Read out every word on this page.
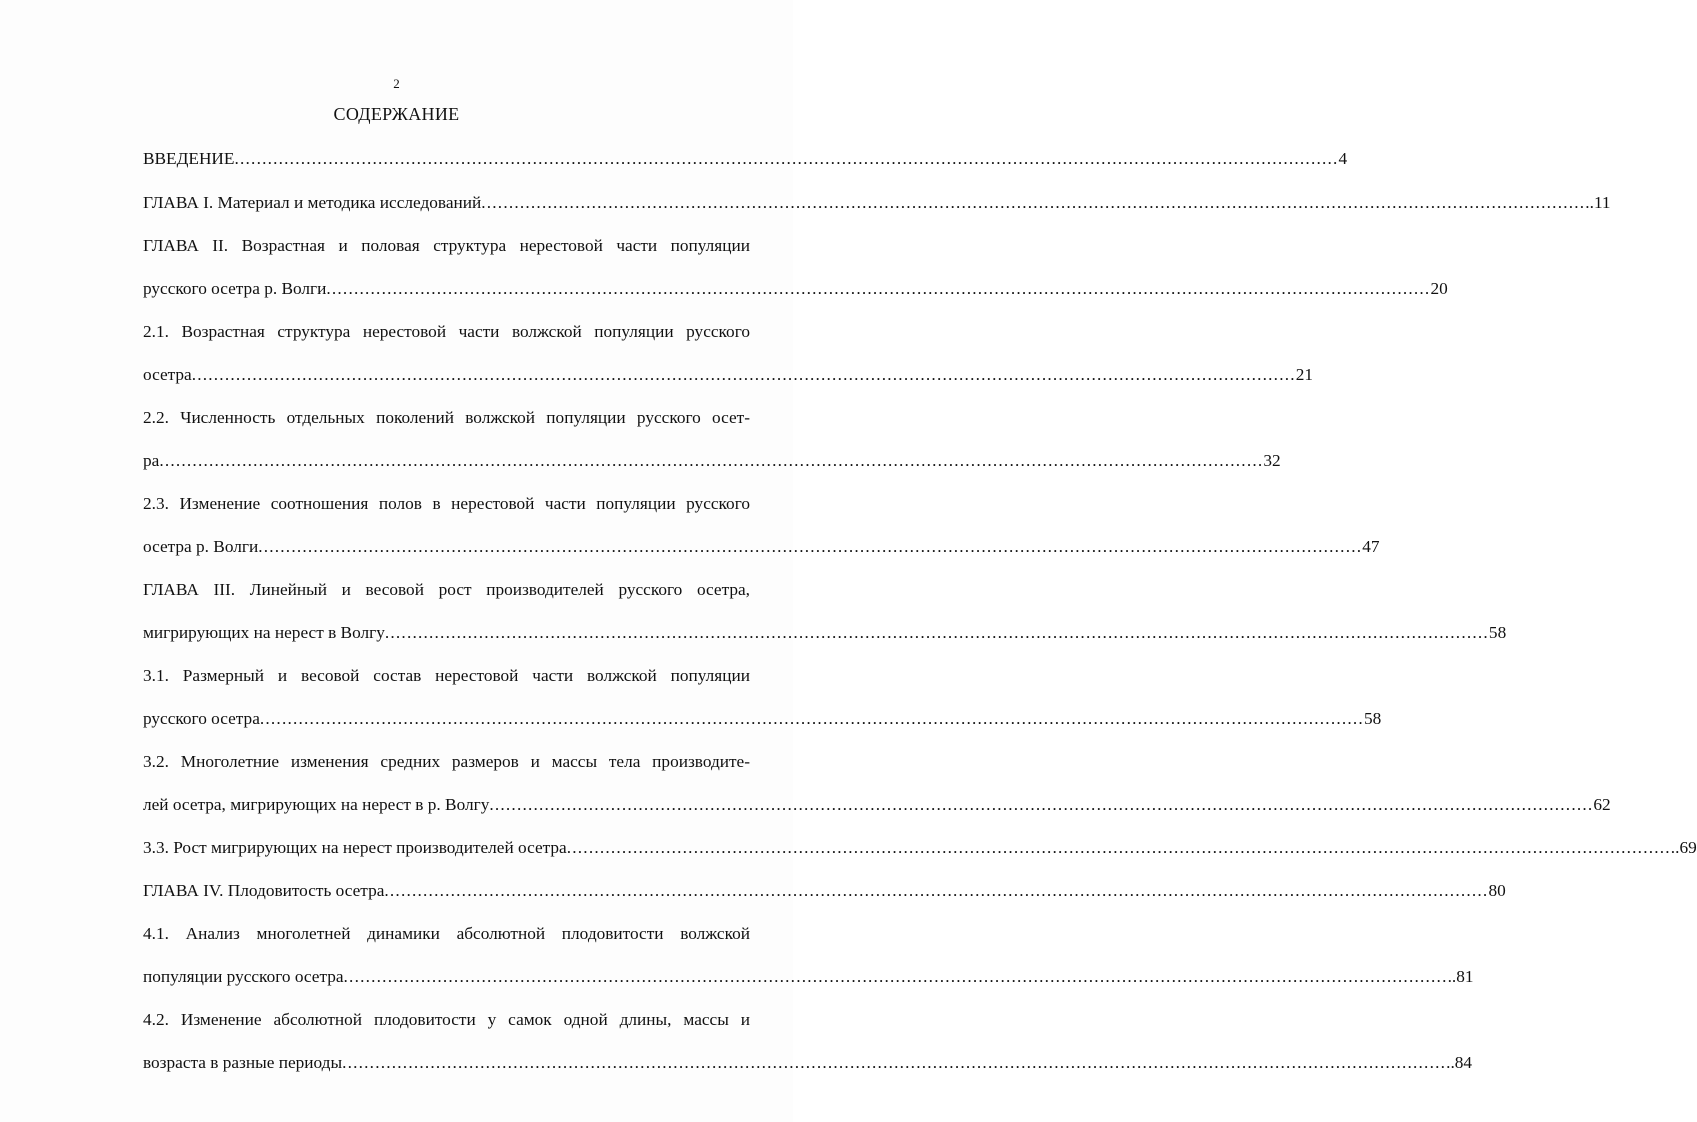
2
СОДЕРЖАНИЕ
ВВЕДЕНИЕ ........................................................................................................................................................................................................ 4
ГЛАВА I. Материал и методика исследований ........................................................................................................................................................................................................ ..11
ГЛАВА II. Возрастная и половая структура нерестовой части популяции
русского осетра р. Волги ........................................................................................................................................................................................................ 20
2.1. Возрастная структура нерестовой части волжской популяции русского
осетра ........................................................................................................................................................................................................ 21
2.2. Численность отдельных поколений волжской популяции русского осет-
ра ........................................................................................................................................................................................................ 32
2.3. Изменение соотношения полов в нерестовой части популяции русского
осетра р. Волги ........................................................................................................................................................................................................ 47
ГЛАВА III. Линейный и весовой рост производителей русского осетра,
мигрирующих на нерест в Волгу ........................................................................................................................................................................................................ 58
3.1. Размерный и весовой состав нерестовой части волжской популяции
русского осетра ........................................................................................................................................................................................................ 58
3.2. Многолетние изменения средних размеров и массы тела производите-
лей осетра, мигрирующих на нерест в р. Волгу ........................................................................................................................................................................................................ 62
3.3. Рост мигрирующих на нерест производителей осетра ........................................................................................................................................................................................................ ..69
ГЛАВА IV. Плодовитость осетра ........................................................................................................................................................................................................ 80
4.1. Анализ многолетней динамики абсолютной плодовитости волжской
популяции русского осетра ........................................................................................................................................................................................................ ..81
4.2. Изменение абсолютной плодовитости у самок одной длины, массы и
возраста в разные периоды ........................................................................................................................................................................................................ ..84
